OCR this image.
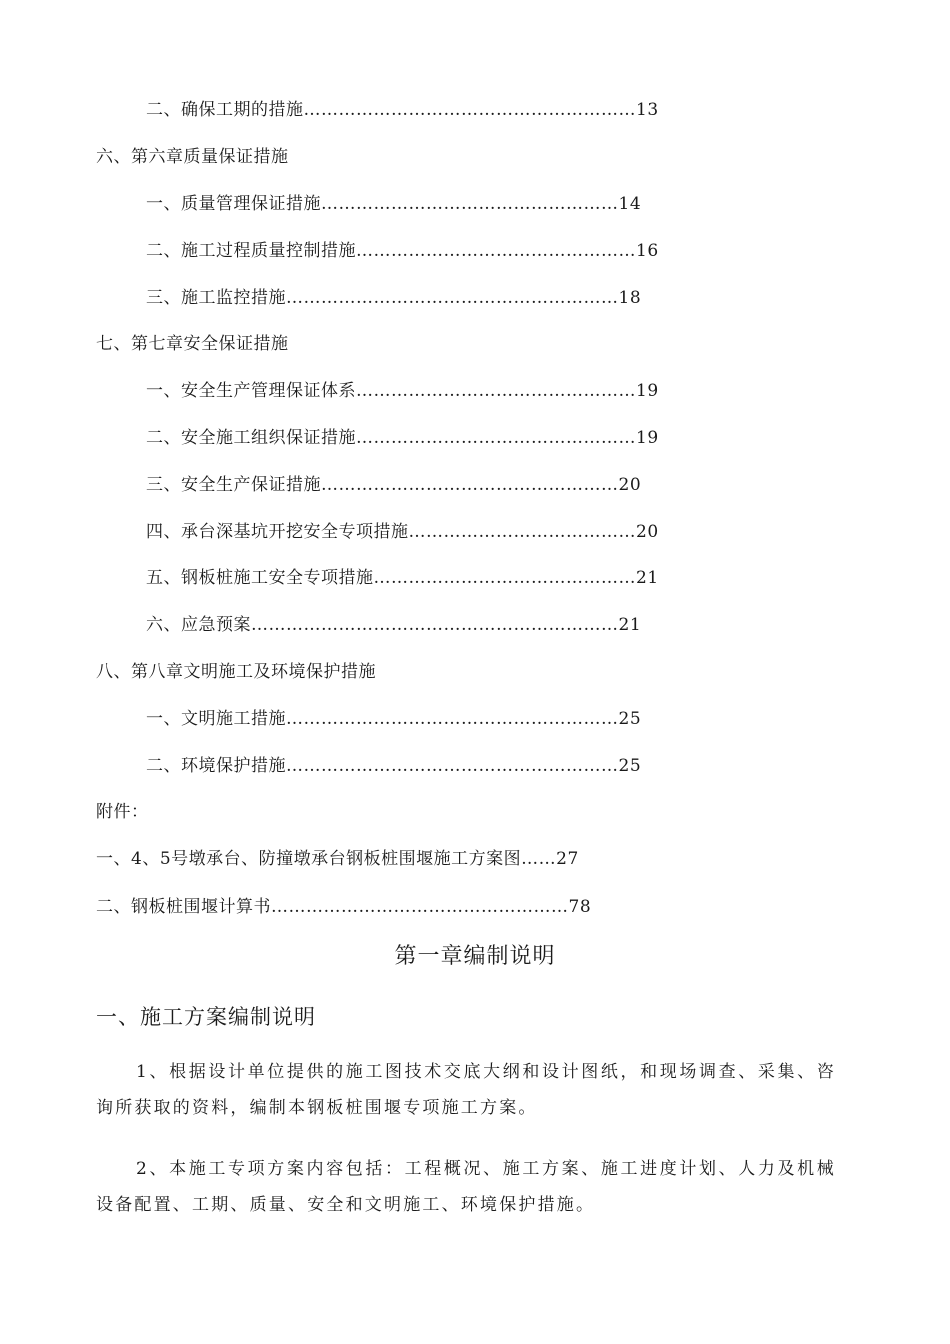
二、确保工期的措施…………………………………………………13
六、第六章质量保证措施
一、质量管理保证措施……………………………………………14
二、施工过程质量控制措施…………………………………………16
三、施工监控措施…………………………………………………18
七、第七章安全保证措施
一、安全生产管理保证体系…………………………………………19
二、安全施工组织保证措施…………………………………………19
三、安全生产保证措施……………………………………………20
四、承台深基坑开挖安全专项措施…………………………………20
五、钢板桩施工安全专项措施………………………………………21
六、应急预案………………………………………………………21
八、第八章文明施工及环境保护措施
一、文明施工措施…………………………………………………25
二、环境保护措施…………………………………………………25
附件：
一、4、5号墩承台、防撞墩承台钢板桩围堰施工方案图……27
二、钢板桩围堰计算书……………………………………………78
第一章编制说明
一、施工方案编制说明
1、根据设计单位提供的施工图技术交底大纲和设计图纸，和现场调查、采集、咨询所获取的资料，编制本钢板桩围堰专项施工方案。
2、本施工专项方案内容包括：工程概况、施工方案、施工进度计划、人力及机械设备配置、工期、质量、安全和文明施工、环境保护措施。
